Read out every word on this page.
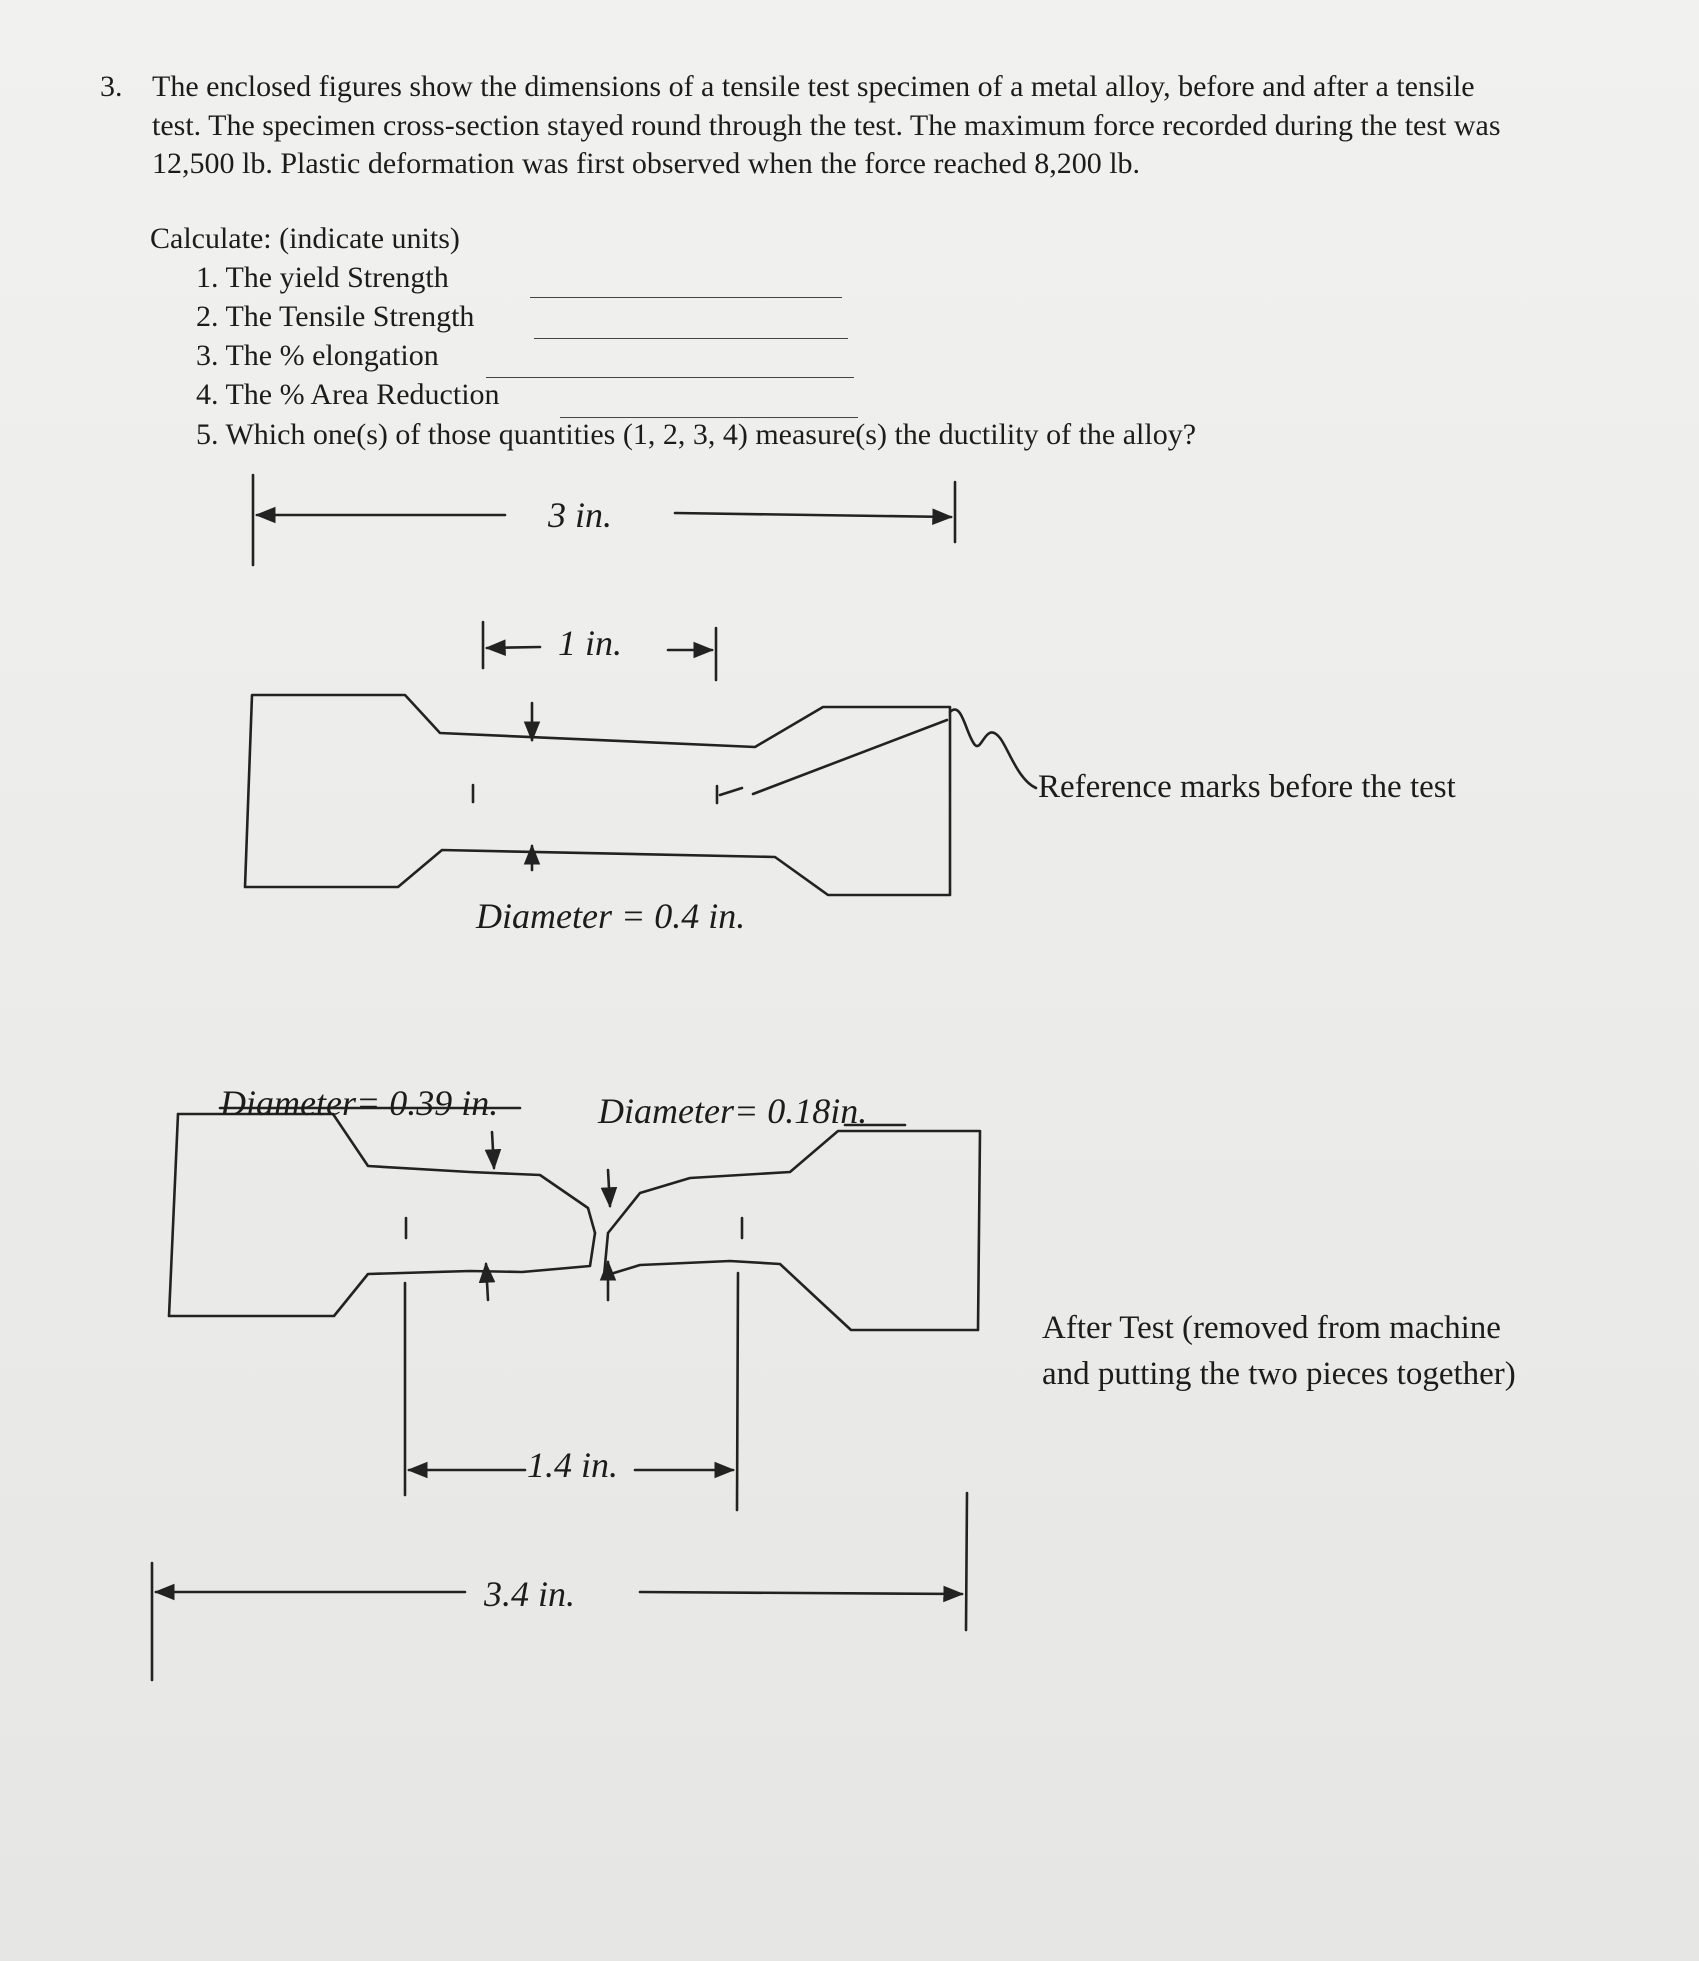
3. The enclosed figures show the dimensions of a tensile test specimen of a metal alloy, before and after a tensile test. The specimen cross-section stayed round through the test. The maximum force recorded during the test was 12,500 lb. Plastic deformation was first observed when the force reached 8,200 lb.
Calculate: (indicate units)
1. The yield Strength
2. The Tensile Strength
3. The % elongation
4. The % Area Reduction
5. Which one(s) of those quantities (1, 2, 3, 4) measure(s) the ductility of the alloy?
3 in.
1 in.
Diameter = 0.4 in.
Reference marks before the test
Diameter= 0.39 in.	Diameter= 0.18in.
1.4 in.
3.4 in.
After Test (removed from machine and putting the two pieces together)
